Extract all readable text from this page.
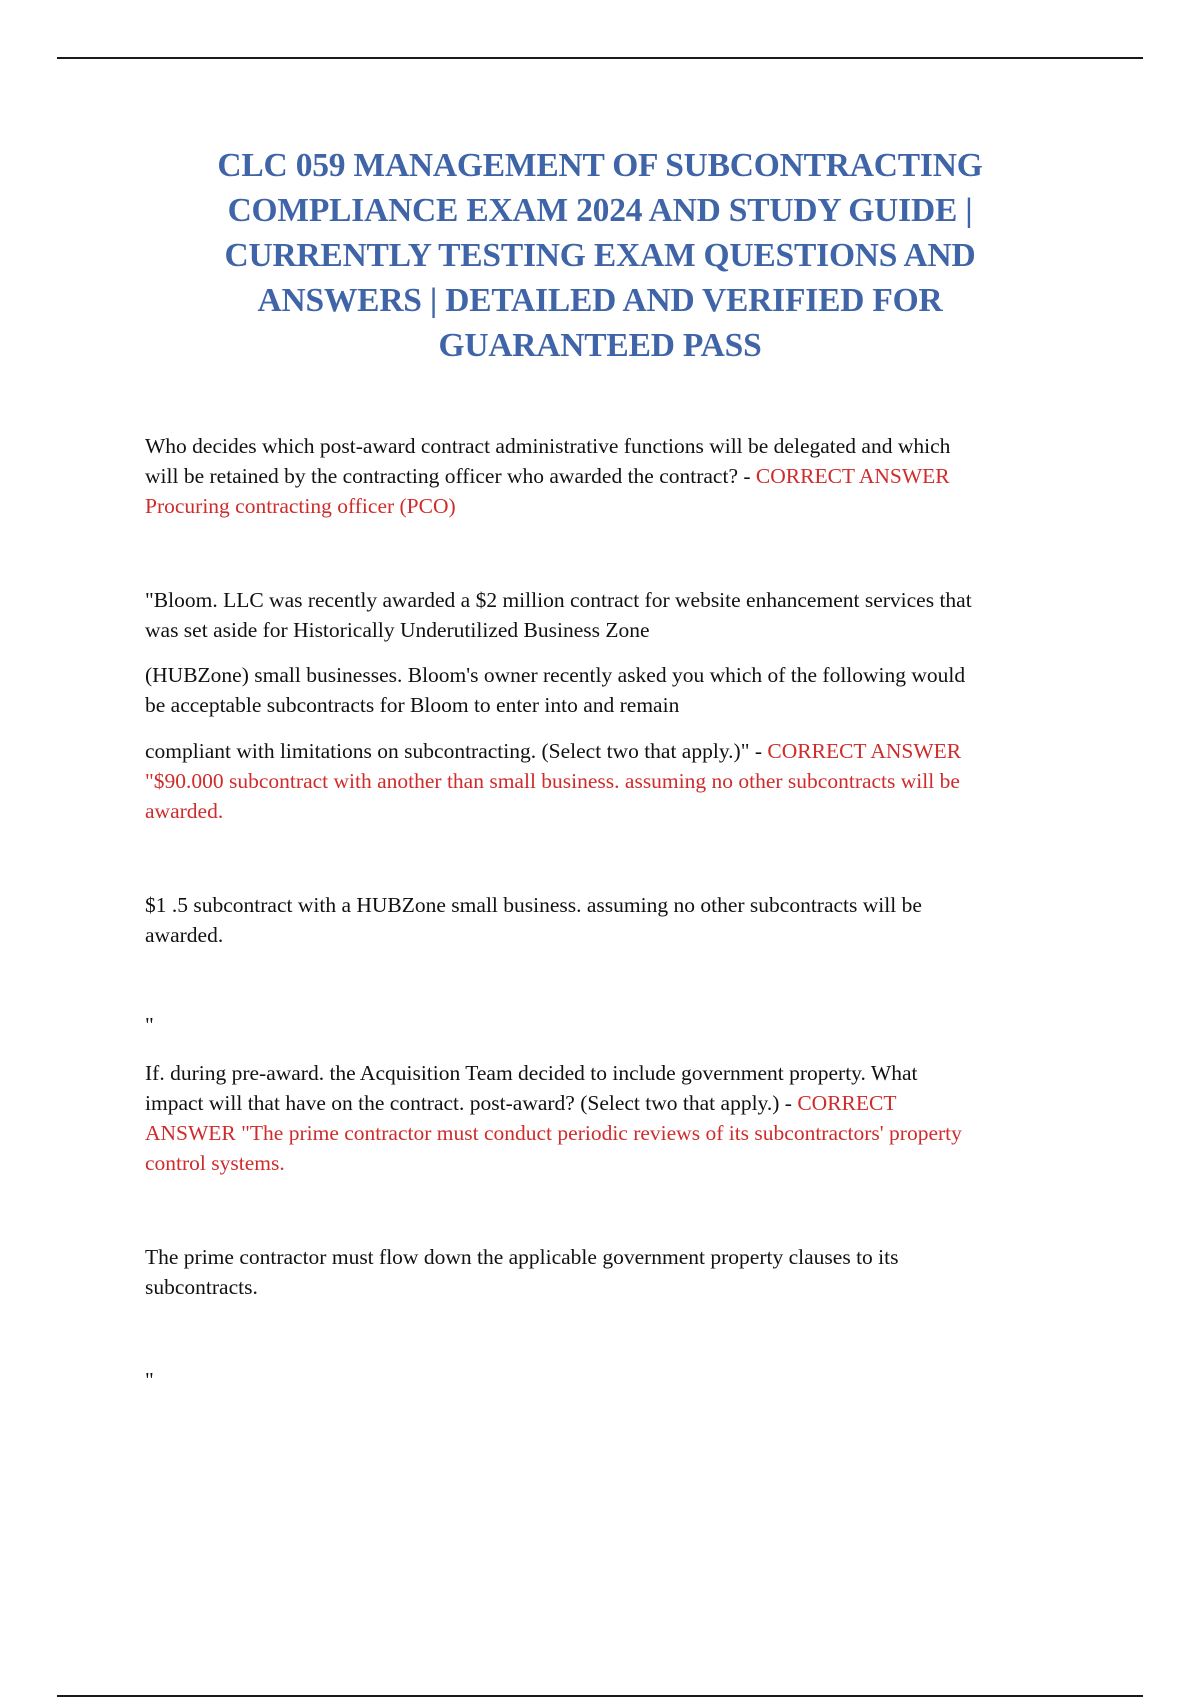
CLC 059 MANAGEMENT OF SUBCONTRACTING
COMPLIANCE EXAM 2024 AND STUDY GUIDE |
CURRENTLY TESTING EXAM QUESTIONS AND
ANSWERS | DETAILED AND VERIFIED FOR
GUARANTEED PASS
Who decides which post-award contract administrative functions will be delegated and which
will be retained by the contracting officer who awarded the contract? - CORRECT ANSWER
Procuring contracting officer (PCO)
"Bloom. LLC was recently awarded a $2 million contract for website enhancement services that
was set aside for Historically Underutilized Business Zone
(HUBZone) small businesses. Bloom's owner recently asked you which of the following would
be acceptable subcontracts for Bloom to enter into and remain
compliant with limitations on subcontracting. (Select two that apply.)" - CORRECT ANSWER
"$90.000 subcontract with another than small business. assuming no other subcontracts will be
awarded.
$1 .5 subcontract with a HUBZone small business. assuming no other subcontracts will be
awarded.
"
If. during pre-award. the Acquisition Team decided to include government property. What
impact will that have on the contract. post-award? (Select two that apply.) - CORRECT
ANSWER "The prime contractor must conduct periodic reviews of its subcontractors' property
control systems.
The prime contractor must flow down the applicable government property clauses to its
subcontracts.
"
